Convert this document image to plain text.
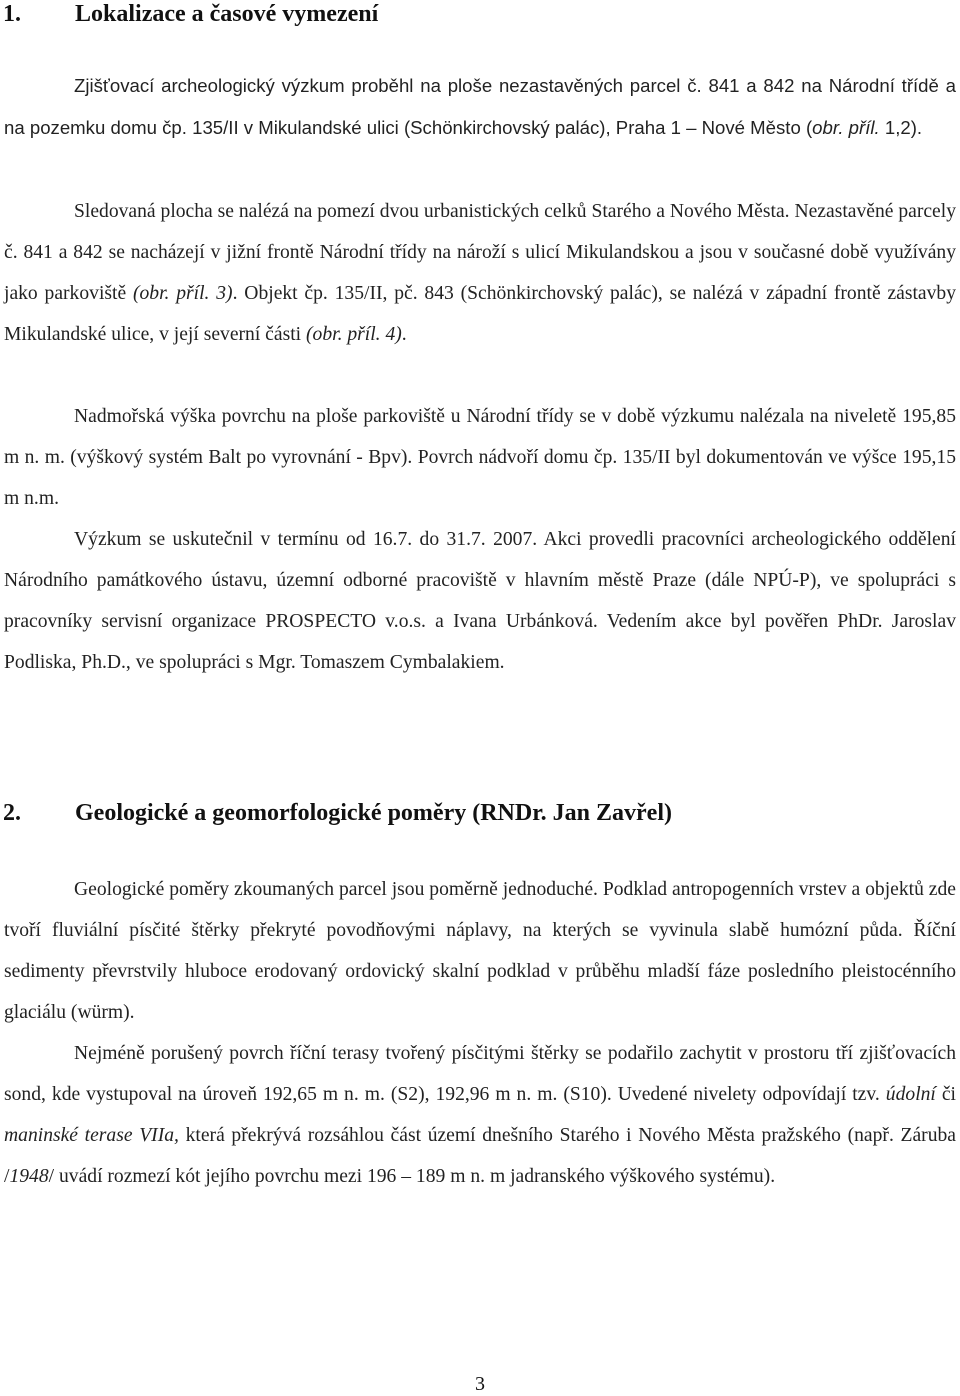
1. Lokalizace a časové vymezení

Zjišťovací archeologický výzkum proběhl na ploše nezastavěných parcel č. 841 a 842 na Národní třídě a na pozemku domu čp. 135/II v Mikulandské ulici (Schönkirchovský palác), Praha 1 – Nové Město (obr. příl. 1,2).

Sledovaná plocha se nalézá na pomezí dvou urbanistických celků Starého a Nového Města. Nezastavěné parcely č. 841 a 842 se nacházejí v jižní frontě Národní třídy na nároží s ulicí Mikulandskou a jsou v současné době využívány jako parkoviště (obr. příl. 3). Objekt čp. 135/II, pč. 843 (Schönkirchovský palác), se nalézá v západní frontě zástavby Mikulandské ulice, v její severní části (obr. příl. 4).

Nadmořská výška povrchu na ploše parkoviště u Národní třídy se v době výzkumu nalézala na niveletě 195,85 m n. m. (výškový systém Balt po vyrovnání - Bpv). Povrch nádvoří domu čp. 135/II byl dokumentován ve výšce 195,15 m n.m.

Výzkum se uskutečnil v termínu od 16.7. do 31.7. 2007. Akci provedli pracovníci archeologického oddělení Národního památkového ústavu, územní odborné pracoviště v hlavním městě Praze (dále NPÚ-P), ve spolupráci s pracovníky servisní organizace PROSPECTO v.o.s. a Ivana Urbánková. Vedením akce byl pověřen PhDr. Jaroslav Podliska, Ph.D., ve spolupráci s Mgr. Tomaszem Cymbalakiem.

2. Geologické a geomorfologické poměry (RNDr. Jan Zavřel)

Geologické poměry zkoumaných parcel jsou poměrně jednoduché. Podklad antropogenních vrstev a objektů zde tvoří fluviální písčité štěrky překryté povodňovými náplavy, na kterých se vyvinula slabě humózní půda. Říční sedimenty převrstvily hluboce erodovaný ordovický skalní podklad v průběhu mladší fáze posledního pleistocénního glaciálu (würm).

Nejméně porušený povrch říční terasy tvořený písčitými štěrky se podařilo zachytit v prostoru tří zjišťovacích sond, kde vystupoval na úroveň 192,65 m n. m. (S2), 192,96 m n. m. (S10). Uvedené nivelety odpovídají tzv. údolní či maninské terase VIIa, která překrývá rozsáhlou část území dnešního Starého i Nového Města pražského (např. Záruba /1948/ uvádí rozmezí kót jejího povrchu mezi 196 – 189 m n. m jadranského výškového systému).

3
